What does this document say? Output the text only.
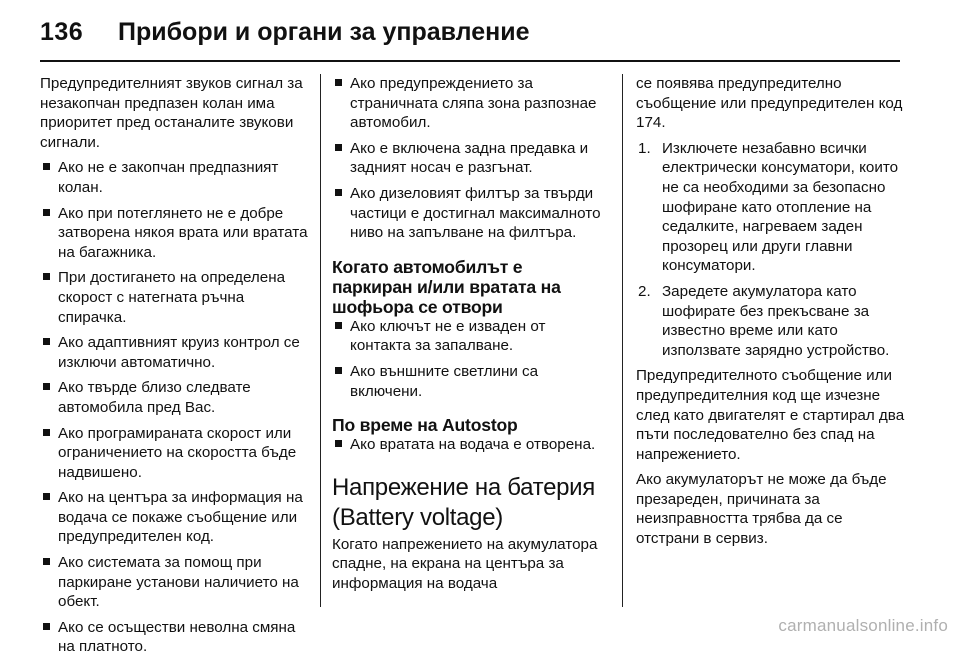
136 Прибори и органи за управление

Предупредителният звуков сигнал за незакопчан предпазен колан има приоритет пред останалите звукови сигнали.

Ако не е закопчан предпазният колан.
Ако при потеглянето не е добре затворена някоя врата или вратата на багажника.
При достигането на определена скорост с натегната ръчна спирачка.
Ако адаптивният круиз контрол се изключи автоматично.
Ако твърде близо следвате автомобила пред Вас.
Ако програмираната скорост или ограничението на скоростта бъде надвишено.
Ако на центъра за информация на водача се покаже съобщение или предупредителен код.
Ако системата за помощ при паркиране установи наличието на обект.
Ако се осъществи неволна смяна на платното.
Ако предупреждението за страничната сляпа зона разпознае автомобил.
Ако е включена задна предавка и задният носач е разгънат.
Ако дизеловият филтър за твърди частици е достигнал максималното ниво на запълване на филтъра.
Когато автомобилът е паркиран и/или вратата на шофьора се отвори
Ако ключът не е изваден от контакта за запалване.
Ако външните светлини са включени.
По време на Autostop
Ако вратата на водача е отворена.
Напрежение на батерия (Battery voltage)

Когато напрежението на акумулатора спадне, на екрана на центъра за информация на водача

се появява предупредително съобщение или предупредителен код 174.

1. Изключете незабавно всички електрически консуматори, които не са необходими за безопасно шофиране като отопление на седалките, нагреваем заден прозорец или други главни консуматори.
2. Заредете акумулатора като шофирате без прекъсване за известно време или като използвате зарядно устройство.

Предупредителното съобщение или предупредителния код ще изчезне след като двигателят е стартирал два пъти последователно без спад на напрежението.

Ако акумулаторът не може да бъде презареден, причината за неизправността трябва да се отстрани в сервиз.

carmanualsonline.info
